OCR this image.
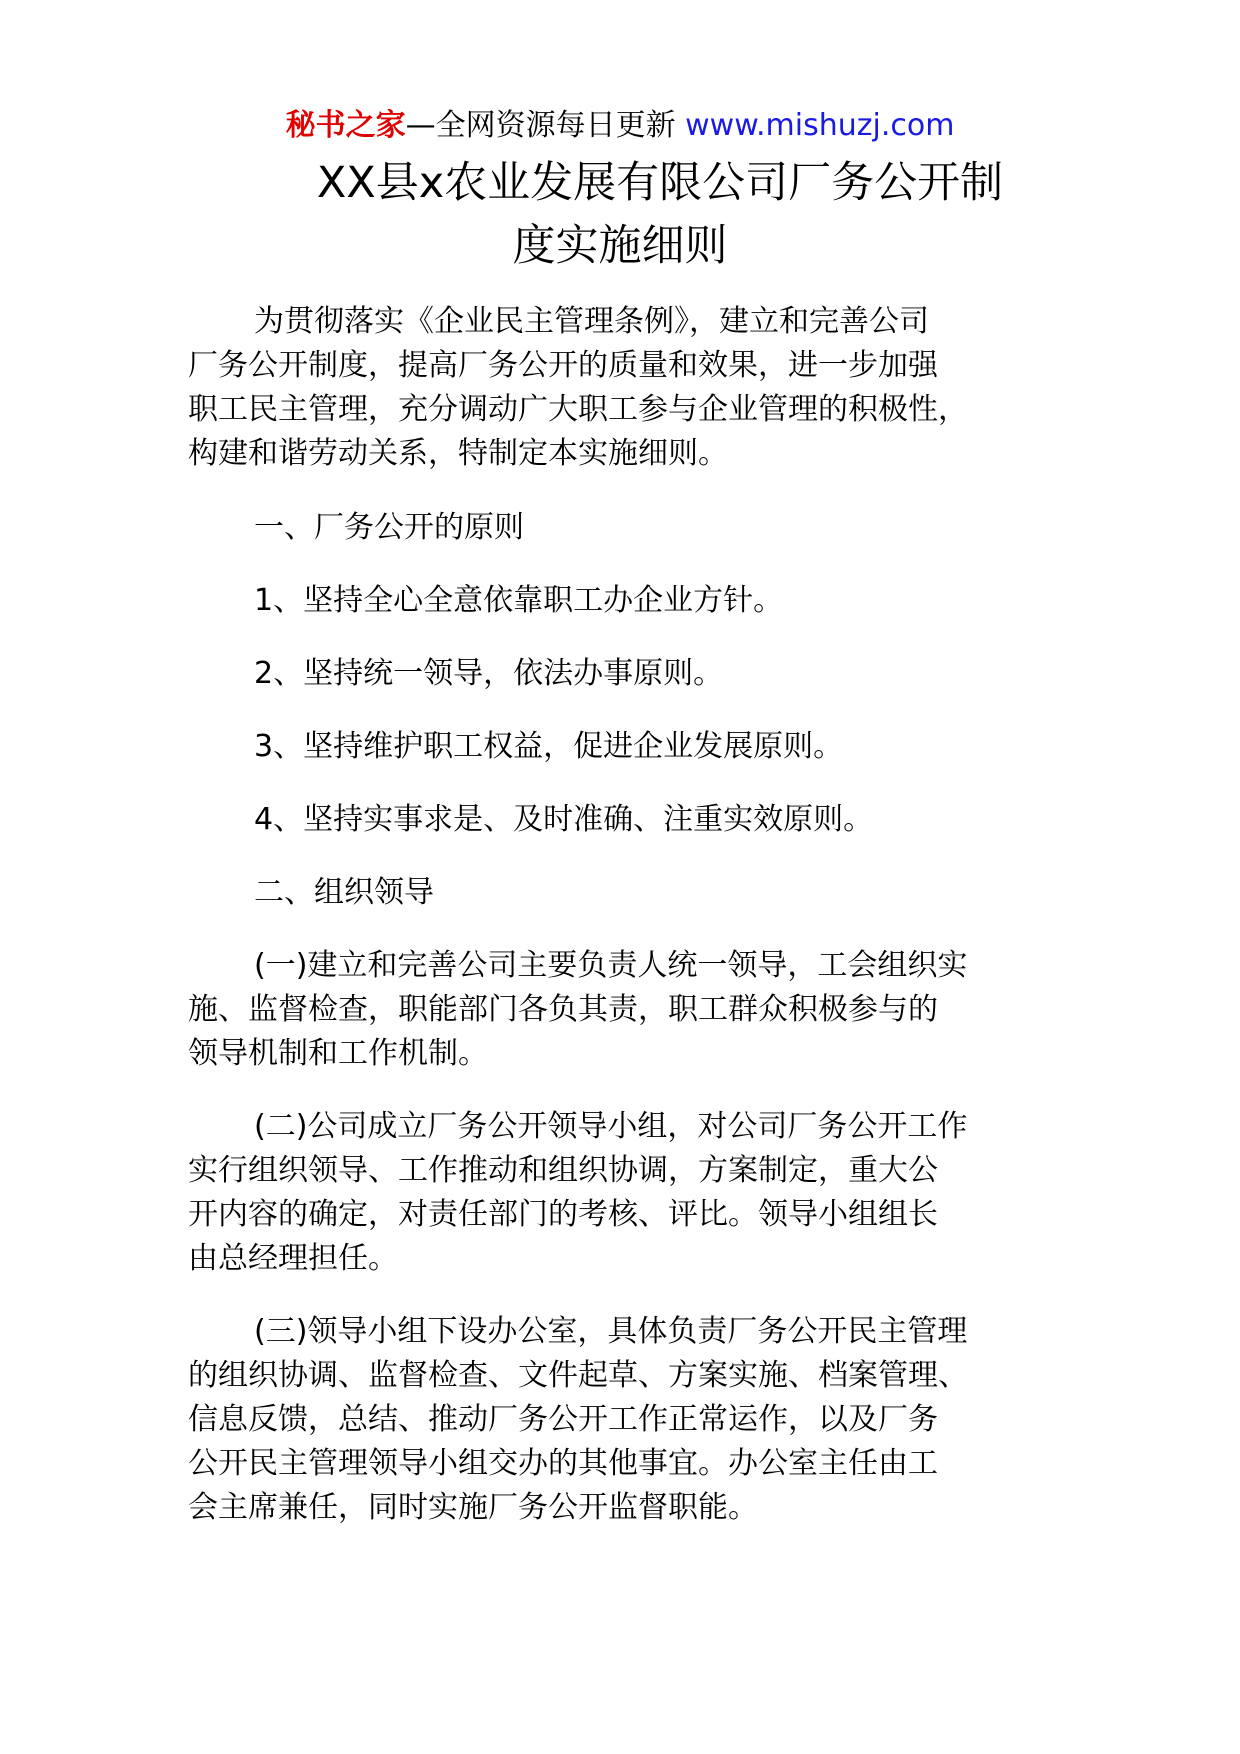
秘书之家—全网资源每日更新 www.mishuzj.com
XX县x农业发展有限公司厂务公开制
度实施细则
为贯彻落实《企业民主管理条例》，建立和完善公司
厂务公开制度，提高厂务公开的质量和效果，进一步加强
职工民主管理，充分调动广大职工参与企业管理的积极性，
构建和谐劳动关系，特制定本实施细则。
一、厂务公开的原则
1、坚持全心全意依靠职工办企业方针。
2、坚持统一领导，依法办事原则。
3、坚持维护职工权益，促进企业发展原则。
4、坚持实事求是、及时准确、注重实效原则。
二、组织领导
(一)建立和完善公司主要负责人统一领导，工会组织实
施、监督检查，职能部门各负其责，职工群众积极参与的
领导机制和工作机制。
(二)公司成立厂务公开领导小组，对公司厂务公开工作
实行组织领导、工作推动和组织协调，方案制定，重大公
开内容的确定，对责任部门的考核、评比。领导小组组长
由总经理担任。
(三)领导小组下设办公室，具体负责厂务公开民主管理
的组织协调、监督检查、文件起草、方案实施、档案管理、
信息反馈，总结、推动厂务公开工作正常运作，以及厂务
公开民主管理领导小组交办的其他事宜。办公室主任由工
会主席兼任，同时实施厂务公开监督职能。
